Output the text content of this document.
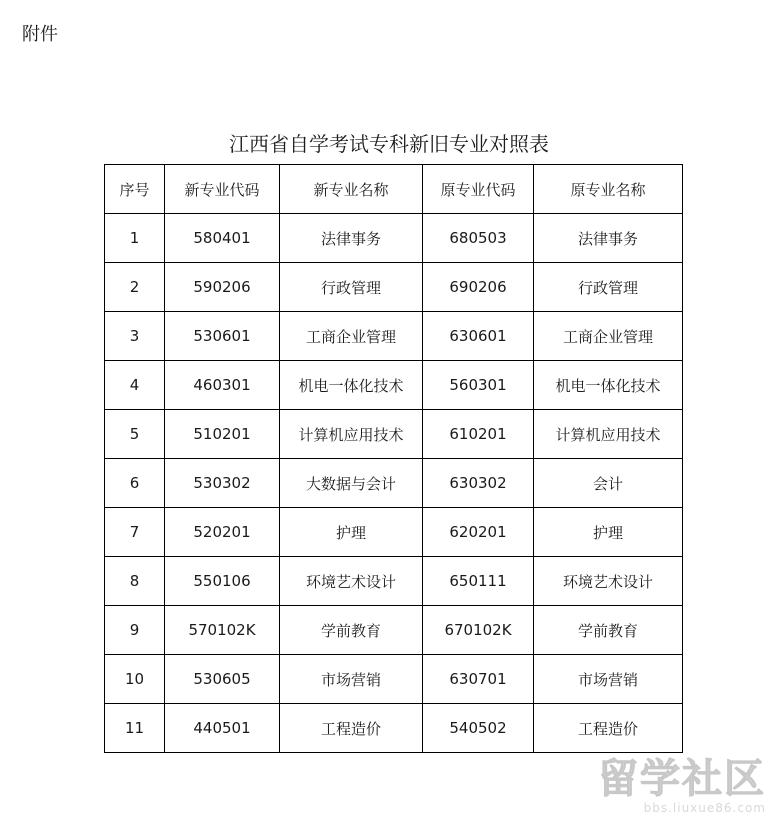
附件
江西省自学考试专科新旧专业对照表
序号	新专业代码	新专业名称	原专业代码	原专业名称
1	580401	法律事务	680503	法律事务
2	590206	行政管理	690206	行政管理
3	530601	工商企业管理	630601	工商企业管理
4	460301	机电一体化技术	560301	机电一体化技术
5	510201	计算机应用技术	610201	计算机应用技术
6	530302	大数据与会计	630302	会计
7	520201	护理	620201	护理
8	550106	环境艺术设计	650111	环境艺术设计
9	570102K	学前教育	670102K	学前教育
10	530605	市场营销	630701	市场营销
11	440501	工程造价	540502	工程造价
留学社区
bbs.liuxue86.com
